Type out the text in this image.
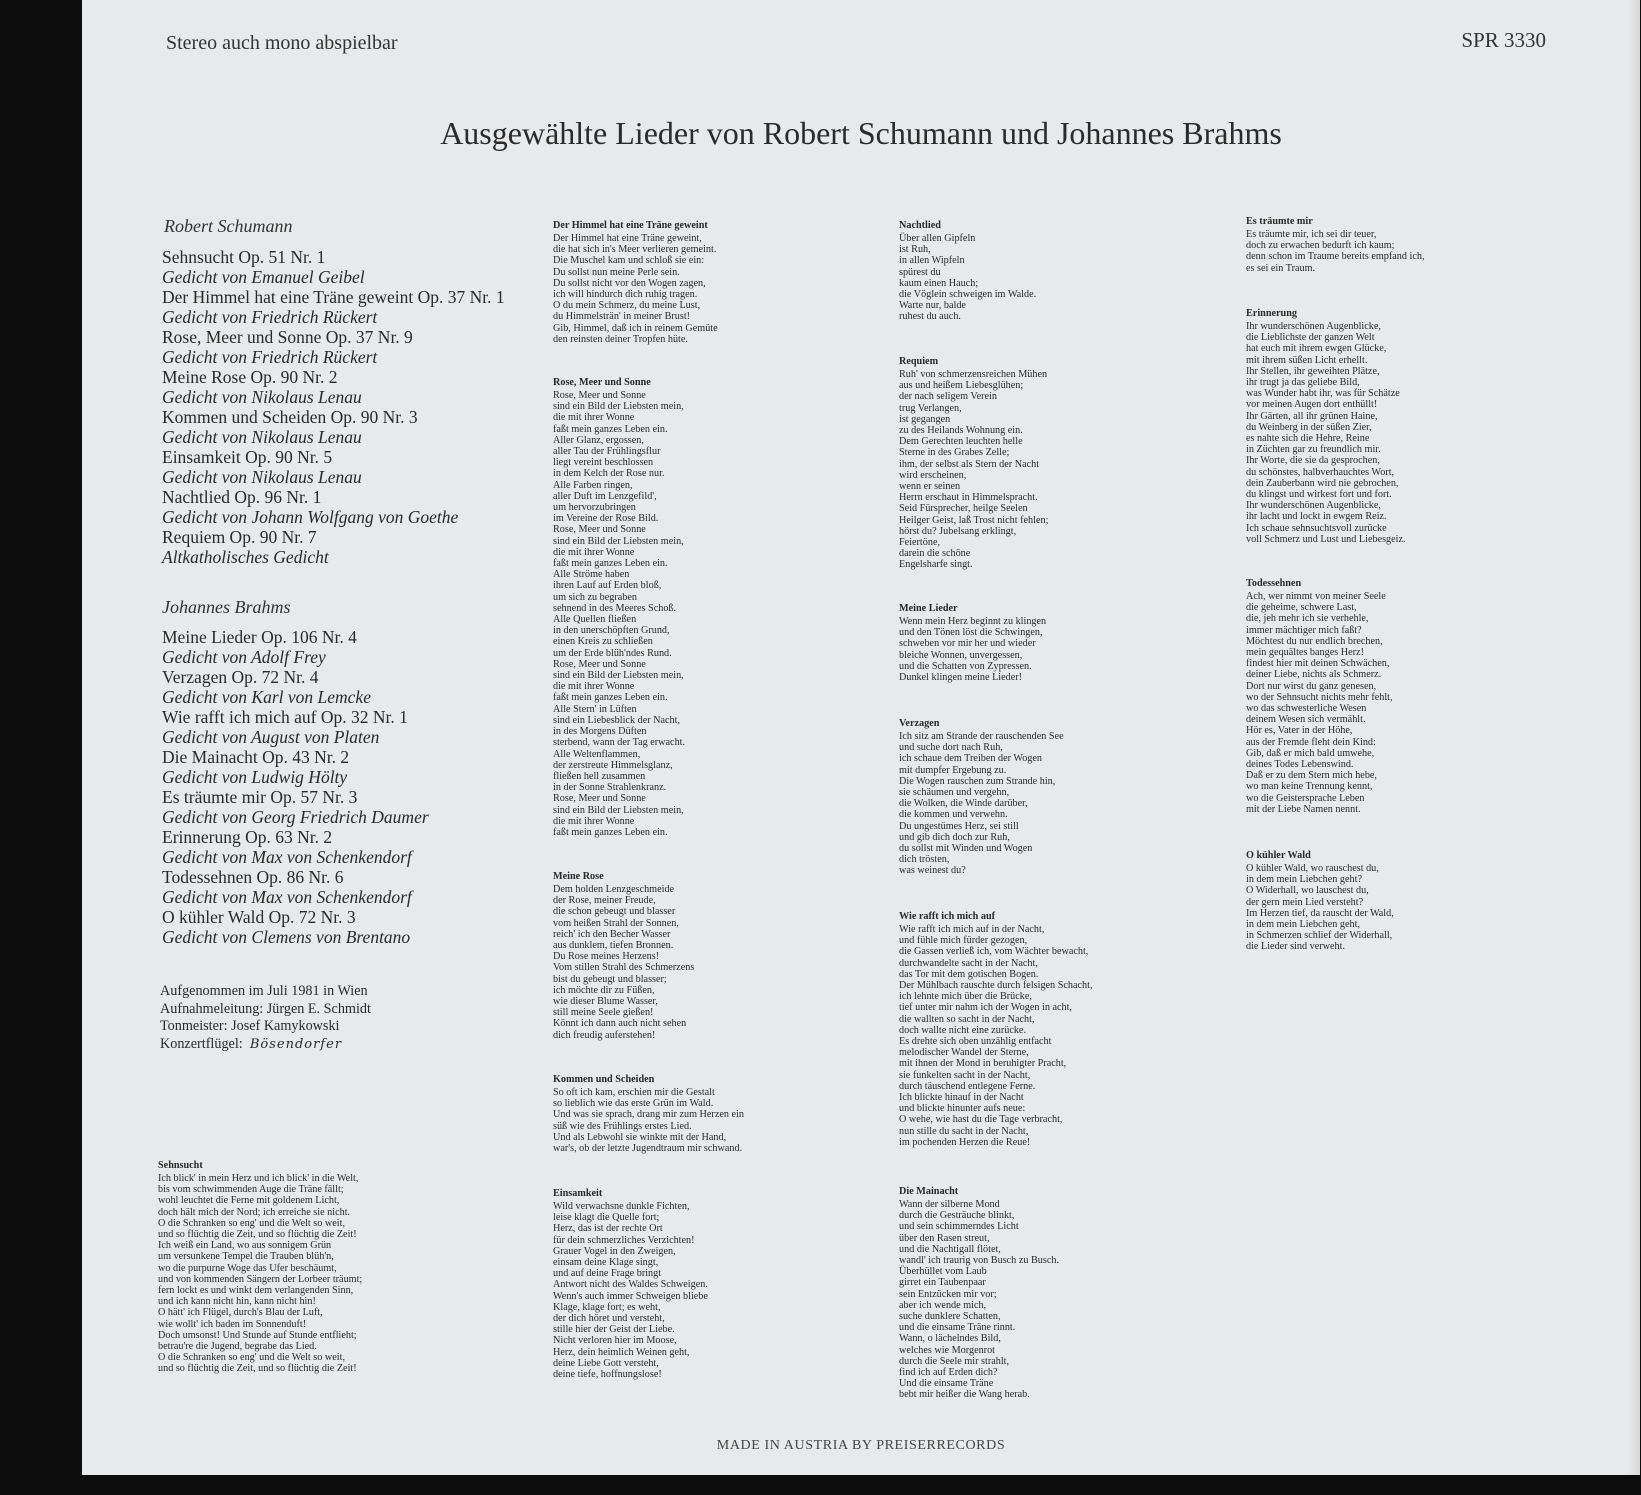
Stereo auch mono abspielbar	SPR 3330
Ausgewählte Lieder von Robert Schumann und Johannes Brahms
Robert Schumann
Sehnsucht Op. 51 Nr. 1
Gedicht von Emanuel Geibel
Der Himmel hat eine Träne geweint Op. 37 Nr. 1
Gedicht von Friedrich Rückert
Rose, Meer und Sonne Op. 37 Nr. 9
Gedicht von Friedrich Rückert
Meine Rose Op. 90 Nr. 2
Gedicht von Nikolaus Lenau
Kommen und Scheiden Op. 90 Nr. 3
Gedicht von Nikolaus Lenau
Einsamkeit Op. 90 Nr. 5
Gedicht von Nikolaus Lenau
Nachtlied Op. 96 Nr. 1
Gedicht von Johann Wolfgang von Goethe
Requiem Op. 90 Nr. 7
Altkatholisches Gedicht
Johannes Brahms
Meine Lieder Op. 106 Nr. 4
Gedicht von Adolf Frey
Verzagen Op. 72 Nr. 4
Gedicht von Karl von Lemcke
Wie rafft ich mich auf Op. 32 Nr. 1
Gedicht von August von Platen
Die Mainacht Op. 43 Nr. 2
Gedicht von Ludwig Hölty
Es träumte mir Op. 57 Nr. 3
Gedicht von Georg Friedrich Daumer
Erinnerung Op. 63 Nr. 2
Gedicht von Max von Schenkendorf
Todessehnen Op. 86 Nr. 6
Gedicht von Max von Schenkendorf
O kühler Wald Op. 72 Nr. 3
Gedicht von Clemens von Brentano
Aufgenommen im Juli 1981 in Wien
Aufnahmeleitung: Jürgen E. Schmidt
Tonmeister: Josef Kamykowski
Konzertflügel: Bösendorfer
Sehnsucht
Ich blick' in mein Herz und ich blick' in die Welt,
bis vom schwimmenden Auge die Träne fällt;
wohl leuchtet die Ferne mit goldenem Licht,
doch hält mich der Nord; ich erreiche sie nicht.
O die Schranken so eng' und die Welt so weit,
und so flüchtig die Zeit, und so flüchtig die Zeit!
Ich weiß ein Land, wo aus sonnigem Grün
um versunkene Tempel die Trauben blüh'n,
wo die purpurne Woge das Ufer beschäumt,
und von kommenden Sängern der Lorbeer träumt;
fern lockt es und winkt dem verlangenden Sinn,
und ich kann nicht hin, kann nicht hin!
O hätt' ich Flügel, durch's Blau der Luft,
wie wollt' ich baden im Sonnenduft!
Doch umsonst! Und Stunde auf Stunde entflieht;
betrau're die Jugend, begrabe das Lied.
O die Schranken so eng' und die Welt so weit,
und so flüchtig die Zeit, und so flüchtig die Zeit!
Der Himmel hat eine Träne geweint
Der Himmel hat eine Träne geweint,
die hat sich in's Meer verlieren gemeint.
Die Muschel kam und schloß sie ein:
Du sollst nun meine Perle sein.
Du sollst nicht vor den Wogen zagen,
ich will hindurch dich ruhig tragen.
O du mein Schmerz, du meine Lust,
du Himmelsträn' in meiner Brust!
Gib, Himmel, daß ich in reinem Gemüte
den reinsten deiner Tropfen hüte.
Rose, Meer und Sonne
Rose, Meer und Sonne
sind ein Bild der Liebsten mein,
die mit ihrer Wonne
faßt mein ganzes Leben ein.
Aller Glanz, ergossen,
aller Tau der Frühlingsflur
liegt vereint beschlossen
in dem Kelch der Rose nur.
Alle Farben ringen,
aller Duft im Lenzgefild',
um hervorzubringen
im Vereine der Rose Bild.
Rose, Meer und Sonne
sind ein Bild der Liebsten mein,
die mit ihrer Wonne
faßt mein ganzes Leben ein.
Alle Ströme haben
ihren Lauf auf Erden bloß,
um sich zu begraben
sehnend in des Meeres Schoß.
Alle Quellen fließen
in den unerschöpften Grund,
einen Kreis zu schließen
um der Erde blüh'ndes Rund.
Rose, Meer und Sonne
sind ein Bild der Liebsten mein,
die mit ihrer Wonne
faßt mein ganzes Leben ein.
Alle Stern' in Lüften
sind ein Liebesblick der Nacht,
in des Morgens Düften
sterbend, wann der Tag erwacht.
Alle Weltenflammen,
der zerstreute Himmelsglanz,
fließen hell zusammen
in der Sonne Strahlenkranz.
Rose, Meer und Sonne
sind ein Bild der Liebsten mein,
die mit ihrer Wonne
faßt mein ganzes Leben ein.
Meine Rose
Dem holden Lenzgeschmeide
der Rose, meiner Freude,
die schon gebeugt und blasser
vom heißen Strahl der Sonnen,
reich' ich den Becher Wasser
aus dunklem, tiefen Bronnen.
Du Rose meines Herzens!
Vom stillen Strahl des Schmerzens
bist du gebeugt und blasser;
ich möchte dir zu Füßen,
wie dieser Blume Wasser,
still meine Seele gießen!
Könnt ich dann auch nicht sehen
dich freudig auferstehen!
Kommen und Scheiden
So oft ich kam, erschien mir die Gestalt
so lieblich wie das erste Grün im Wald.
Und was sie sprach, drang mir zum Herzen ein
süß wie des Frühlings erstes Lied.
Und als Lebwohl sie winkte mit der Hand,
war's, ob der letzte Jugendtraum mir schwand.
Einsamkeit
Wild verwachsne dunkle Fichten,
leise klagt die Quelle fort;
Herz, das ist der rechte Ort
für dein schmerzliches Verzichten!
Grauer Vogel in den Zweigen,
einsam deine Klage singt,
und auf deine Frage bringt
Antwort nicht des Waldes Schweigen.
Wenn's auch immer Schweigen bliebe
Klage, klage fort; es weht,
der dich höret und versteht,
stille hier der Geist der Liebe.
Nicht verloren hier im Moose,
Herz, dein heimlich Weinen geht,
deine Liebe Gott versteht,
deine tiefe, hoffnungslose!
Nachtlied
Über allen Gipfeln
ist Ruh,
in allen Wipfeln
spürest du
kaum einen Hauch;
die Vöglein schweigen im Walde.
Warte nur, balde
ruhest du auch.
Requiem
Ruh' von schmerzensreichen Mühen
aus und heißem Liebesglühen;
der nach seligem Verein
trug Verlangen,
ist gegangen
zu des Heilands Wohnung ein.
Dem Gerechten leuchten helle
Sterne in des Grabes Zelle;
ihm, der selbst als Stern der Nacht
wird erscheinen,
wenn er seinen
Herrn erschaut in Himmelspracht.
Seid Fürsprecher, heilge Seelen
Heilger Geist, laß Trost nicht fehlen;
hörst du? Jubelsang erklingt,
Feiertöne,
darein die schöne
Engelsharfe singt.
Meine Lieder
Wenn mein Herz beginnt zu klingen
und den Tönen löst die Schwingen,
schweben vor mir her und wieder
bleiche Wonnen, unvergessen,
und die Schatten von Zypressen.
Dunkel klingen meine Lieder!
Verzagen
Ich sitz am Strande der rauschenden See
und suche dort nach Ruh,
ich schaue dem Treiben der Wogen
mit dumpfer Ergebung zu.
Die Wogen rauschen zum Strande hin,
sie schäumen und vergehn,
die Wolken, die Winde darüber,
die kommen und verwehn.
Du ungestümes Herz, sei still
und gib dich doch zur Ruh,
du sollst mit Winden und Wogen
dich trösten,
was weinest du?
Wie rafft ich mich auf
Wie rafft ich mich auf in der Nacht,
und fühle mich fürder gezogen,
die Gassen verließ ich, vom Wächter bewacht,
durchwandelte sacht in der Nacht,
das Tor mit dem gotischen Bogen.
Der Mühlbach rauschte durch felsigen Schacht,
ich lehnte mich über die Brücke,
tief unter mir nahm ich der Wogen in acht,
die wallten so sacht in der Nacht,
doch wallte nicht eine zurücke.
Es drehte sich oben unzählig entfacht
melodischer Wandel der Sterne,
mit ihnen der Mond in beruhigter Pracht,
sie funkelten sacht in der Nacht,
durch täuschend entlegene Ferne.
Ich blickte hinauf in der Nacht
und blickte hinunter aufs neue:
O wehe, wie hast du die Tage verbracht,
nun stille du sacht in der Nacht,
im pochenden Herzen die Reue!
Die Mainacht
Wann der silberne Mond
durch die Gesträuche blinkt,
und sein schimmerndes Licht
über den Rasen streut,
und die Nachtigall flötet,
wandl' ich traurig von Busch zu Busch.
Überhüllet vom Laub
girret ein Taubenpaar
sein Entzücken mir vor;
aber ich wende mich,
suche dunklere Schatten,
und die einsame Träne rinnt.
Wann, o lächelndes Bild,
welches wie Morgenrot
durch die Seele mir strahlt,
find ich auf Erden dich?
Und die einsame Träne
bebt mir heißer die Wang herab.
Es träumte mir
Es träumte mir, ich sei dir teuer,
doch zu erwachen bedurft ich kaum;
denn schon im Traume bereits empfand ich,
es sei ein Traum.
Erinnerung
Ihr wunderschönen Augenblicke,
die Lieblichste der ganzen Welt
hat euch mit ihrem ewgen Glücke,
mit ihrem süßen Licht erhellt.
Ihr Stellen, ihr geweihten Plätze,
ihr trugt ja das geliebe Bild,
was Wunder habt ihr, was für Schätze
vor meinen Augen dort enthüllt!
Ihr Gärten, all ihr grünen Haine,
du Weinberg in der süßen Zier,
es nahte sich die Hehre, Reine
in Züchten gar zu freundlich mir.
Ihr Worte, die sie da gesprochen,
du schönstes, halbverhauchtes Wort,
dein Zauberbann wird nie gebrochen,
du klingst und wirkest fort und fort.
Ihr wunderschönen Augenblicke,
ihr lacht und lockt in ewgem Reiz.
Ich schaue sehnsuchtsvoll zurücke
voll Schmerz und Lust und Liebesgeiz.
Todessehnen
Ach, wer nimmt von meiner Seele
die geheime, schwere Last,
die, jeh mehr ich sie verhehle,
immer mächtiger mich faßt?
Möchtest du nur endlich brechen,
mein gequältes banges Herz!
findest hier mit deinen Schwächen,
deiner Liebe, nichts als Schmerz.
Dort nur wirst du ganz genesen,
wo der Sehnsucht nichts mehr fehlt,
wo das schwesterliche Wesen
deinem Wesen sich vermählt.
Hör es, Vater in der Höhe,
aus der Fremde fleht dein Kind:
Gib, daß er mich bald umwehe,
deines Todes Lebenswind.
Daß er zu dem Stern mich hebe,
wo man keine Trennung kennt,
wo die Geistersprache Leben
mit der Liebe Namen nennt.
O kühler Wald
O kühler Wald, wo rauschest du,
in dem mein Liebchen geht?
O Widerhall, wo lauschest du,
der gern mein Lied versteht?
Im Herzen tief, da rauscht der Wald,
in dem mein Liebchen geht,
in Schmerzen schlief der Widerhall,
die Lieder sind verweht.
MADE IN AUSTRIA BY PREISERRECORDS
